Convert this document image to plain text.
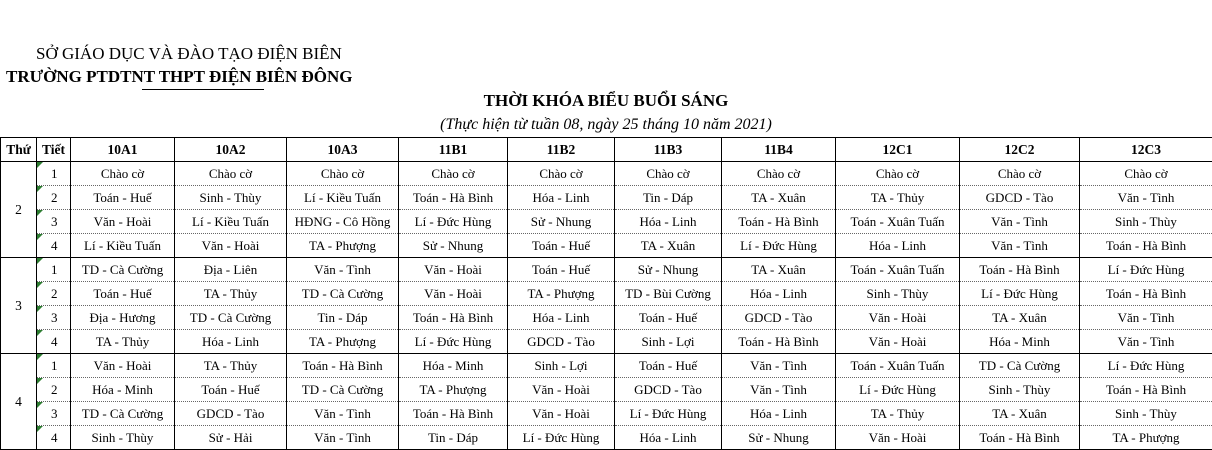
SỞ GIÁO DỤC VÀ ĐÀO TẠO ĐIỆN BIÊN
TRƯỜNG PTDTNT THPT ĐIỆN BIÊN ĐÔNG
THỜI KHÓA BIỂU BUỔI SÁNG
(Thực hiện từ tuần 08, ngày 25 tháng 10 năm 2021)
Thứ	Tiết	10A1	10A2	10A3	11B1	11B2	11B3	11B4	12C1	12C2	12C3
2	1	Chào cờ	Chào cờ	Chào cờ	Chào cờ	Chào cờ	Chào cờ	Chào cờ	Chào cờ	Chào cờ	Chào cờ

2	Toán - Huế	Sinh - Thùy	Lí - Kiều Tuấn	Toán - Hà Bình	Hóa - Linh	Tin - Dáp	TA - Xuân	TA - Thủy	GDCD - Tào	Văn - Tình

3	Văn - Hoài	Lí - Kiều Tuấn	HĐNG - Cô Hồng	Lí - Đức Hùng	Sử - Nhung	Hóa - Linh	Toán - Hà Bình	Toán - Xuân Tuấn	Văn - Tình	Sinh - Thùy

4	Lí - Kiều Tuấn	Văn - Hoài	TA - Phượng	Sử - Nhung	Toán - Huế	TA - Xuân	Lí - Đức Hùng	Hóa - Linh	Văn - Tình	Toán - Hà Bình
3	1	TD - Cà Cường	Địa - Liên	Văn - Tình	Văn - Hoài	Toán - Huế	Sử - Nhung	TA - Xuân	Toán - Xuân Tuấn	Toán - Hà Bình	Lí - Đức Hùng

2	Toán - Huế	TA - Thủy	TD - Cà Cường	Văn - Hoài	TA - Phượng	TD - Bùi Cường	Hóa - Linh	Sinh - Thùy	Lí - Đức Hùng	Toán - Hà Bình

3	Địa - Hương	TD - Cà Cường	Tin - Dáp	Toán - Hà Bình	Hóa - Linh	Toán - Huế	GDCD - Tào	Văn - Hoài	TA - Xuân	Văn - Tình

4	TA - Thủy	Hóa - Linh	TA - Phượng	Lí - Đức Hùng	GDCD - Tào	Sinh - Lợi	Toán - Hà Bình	Văn - Hoài	Hóa - Minh	Văn - Tình
4	1	Văn - Hoài	TA - Thủy	Toán - Hà Bình	Hóa - Minh	Sinh - Lợi	Toán - Huế	Văn - Tình	Toán - Xuân Tuấn	TD - Cà Cường	Lí - Đức Hùng

2	Hóa - Minh	Toán - Huế	TD - Cà Cường	TA - Phượng	Văn - Hoài	GDCD - Tào	Văn - Tình	Lí - Đức Hùng	Sinh - Thùy	Toán - Hà Bình

3	TD - Cà Cường	GDCD - Tào	Văn - Tình	Toán - Hà Bình	Văn - Hoài	Lí - Đức Hùng	Hóa - Linh	TA - Thủy	TA - Xuân	Sinh - Thùy

4	Sinh - Thùy	Sử - Hải	Văn - Tình	Tin - Dáp	Lí - Đức Hùng	Hóa - Linh	Sử - Nhung	Văn - Hoài	Toán - Hà Bình	TA - Phượng
